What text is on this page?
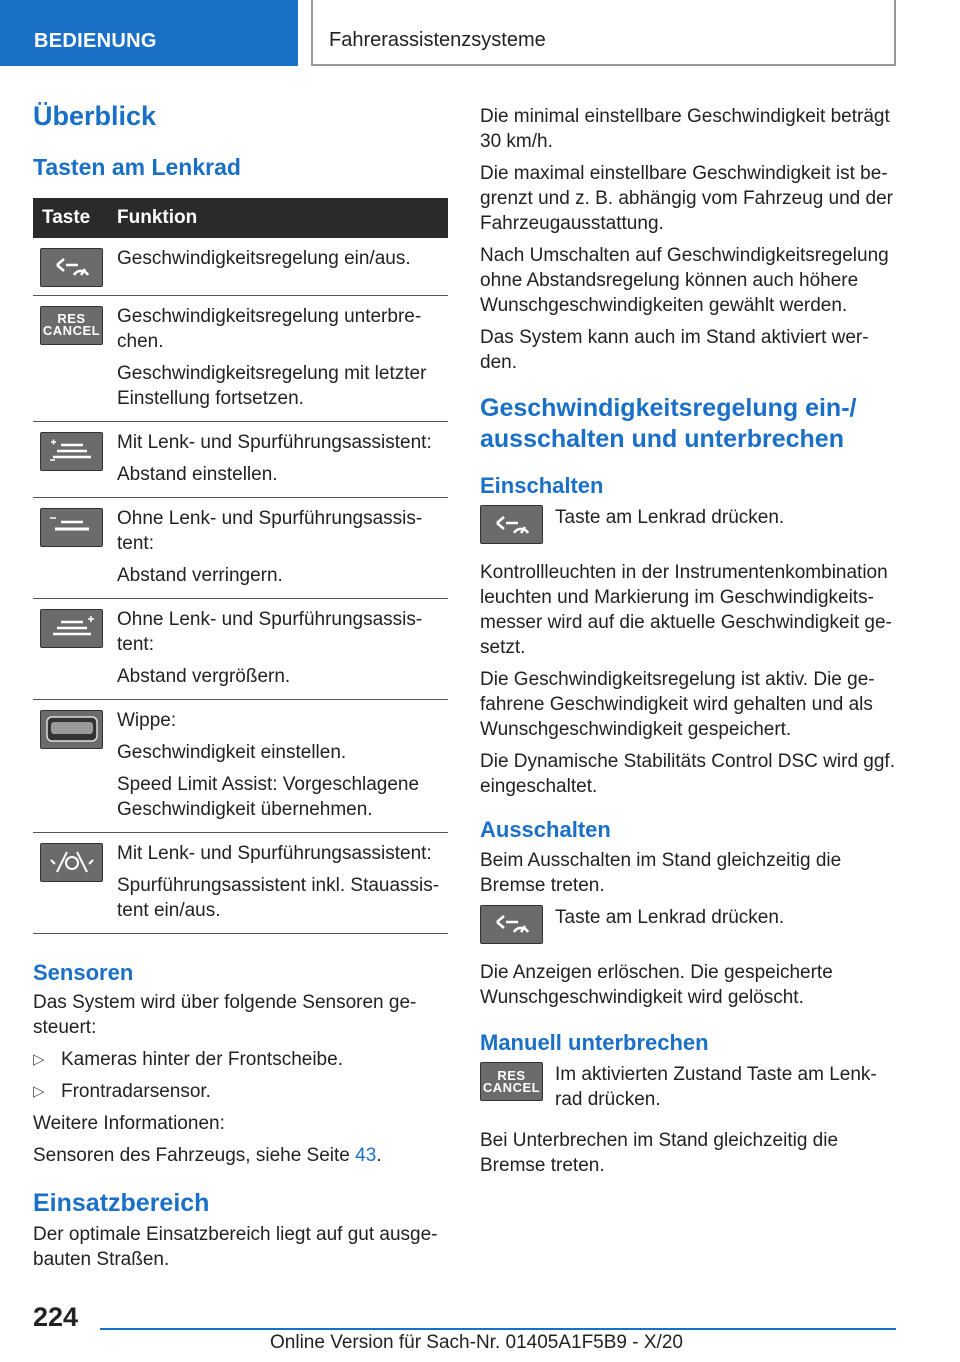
BEDIENUNG	Fahrerassistenzsysteme
Überblick
Tasten am Lenkrad
Taste	Funktion

Geschwindigkeitsregelung ein/aus.

RES
CANCEL

Geschwindigkeitsregelung unterbre-chen.

Geschwindigkeitsregelung mit letzter Einstellung fortsetzen.

Mit Lenk- und Spurführungsassistent:

Abstand einstellen.

Ohne Lenk- und Spurführungsassis-tent:

Abstand verringern.

Ohne Lenk- und Spurführungsassis-tent:

Abstand vergrößern.

Wippe:

Geschwindigkeit einstellen.

Speed Limit Assist: Vorgeschlagene Geschwindigkeit übernehmen.

Mit Lenk- und Spurführungsassistent:

Spurführungsassistent inkl. Stauassis-tent ein/aus.

Sensoren

Das System wird über folgende Sensoren ge-steuert:

▷ Kameras hinter der Frontscheibe.
▷ Frontradarsensor.

Weitere Informationen:

Sensoren des Fahrzeugs, siehe Seite 43.

Einsatzbereich

Der optimale Einsatzbereich liegt auf gut ausge-bauten Straßen.

Die minimal einstellbare Geschwindigkeit beträgt 30 km/h.

Die maximal einstellbare Geschwindigkeit ist be-grenzt und z. B. abhängig vom Fahrzeug und der Fahrzeugausstattung.

Nach Umschalten auf Geschwindigkeitsregelung ohne Abstandsregelung können auch höhere Wunschgeschwindigkeiten gewählt werden.

Das System kann auch im Stand aktiviert wer-den.

Geschwindigkeitsregelung ein-/ ausschalten und unterbrechen
Einschalten

Taste am Lenkrad drücken.

Kontrollleuchten in der Instrumentenkombination leuchten und Markierung im Geschwindigkeits-messer wird auf die aktuelle Geschwindigkeit ge-setzt.

Die Geschwindigkeitsregelung ist aktiv. Die ge-fahrene Geschwindigkeit wird gehalten und als Wunschgeschwindigkeit gespeichert.

Die Dynamische Stabilitäts Control DSC wird ggf. eingeschaltet.

Ausschalten

Beim Ausschalten im Stand gleichzeitig die Bremse treten.

Taste am Lenkrad drücken.

Die Anzeigen erlöschen. Die gespeicherte Wunschgeschwindigkeit wird gelöscht.

Manuell unterbrechen
RES
CANCEL

Im aktivierten Zustand Taste am Lenk-rad drücken.

Bei Unterbrechen im Stand gleichzeitig die Bremse treten.

224
Online Version für Sach-Nr. 01405A1F5B9 - X/20
